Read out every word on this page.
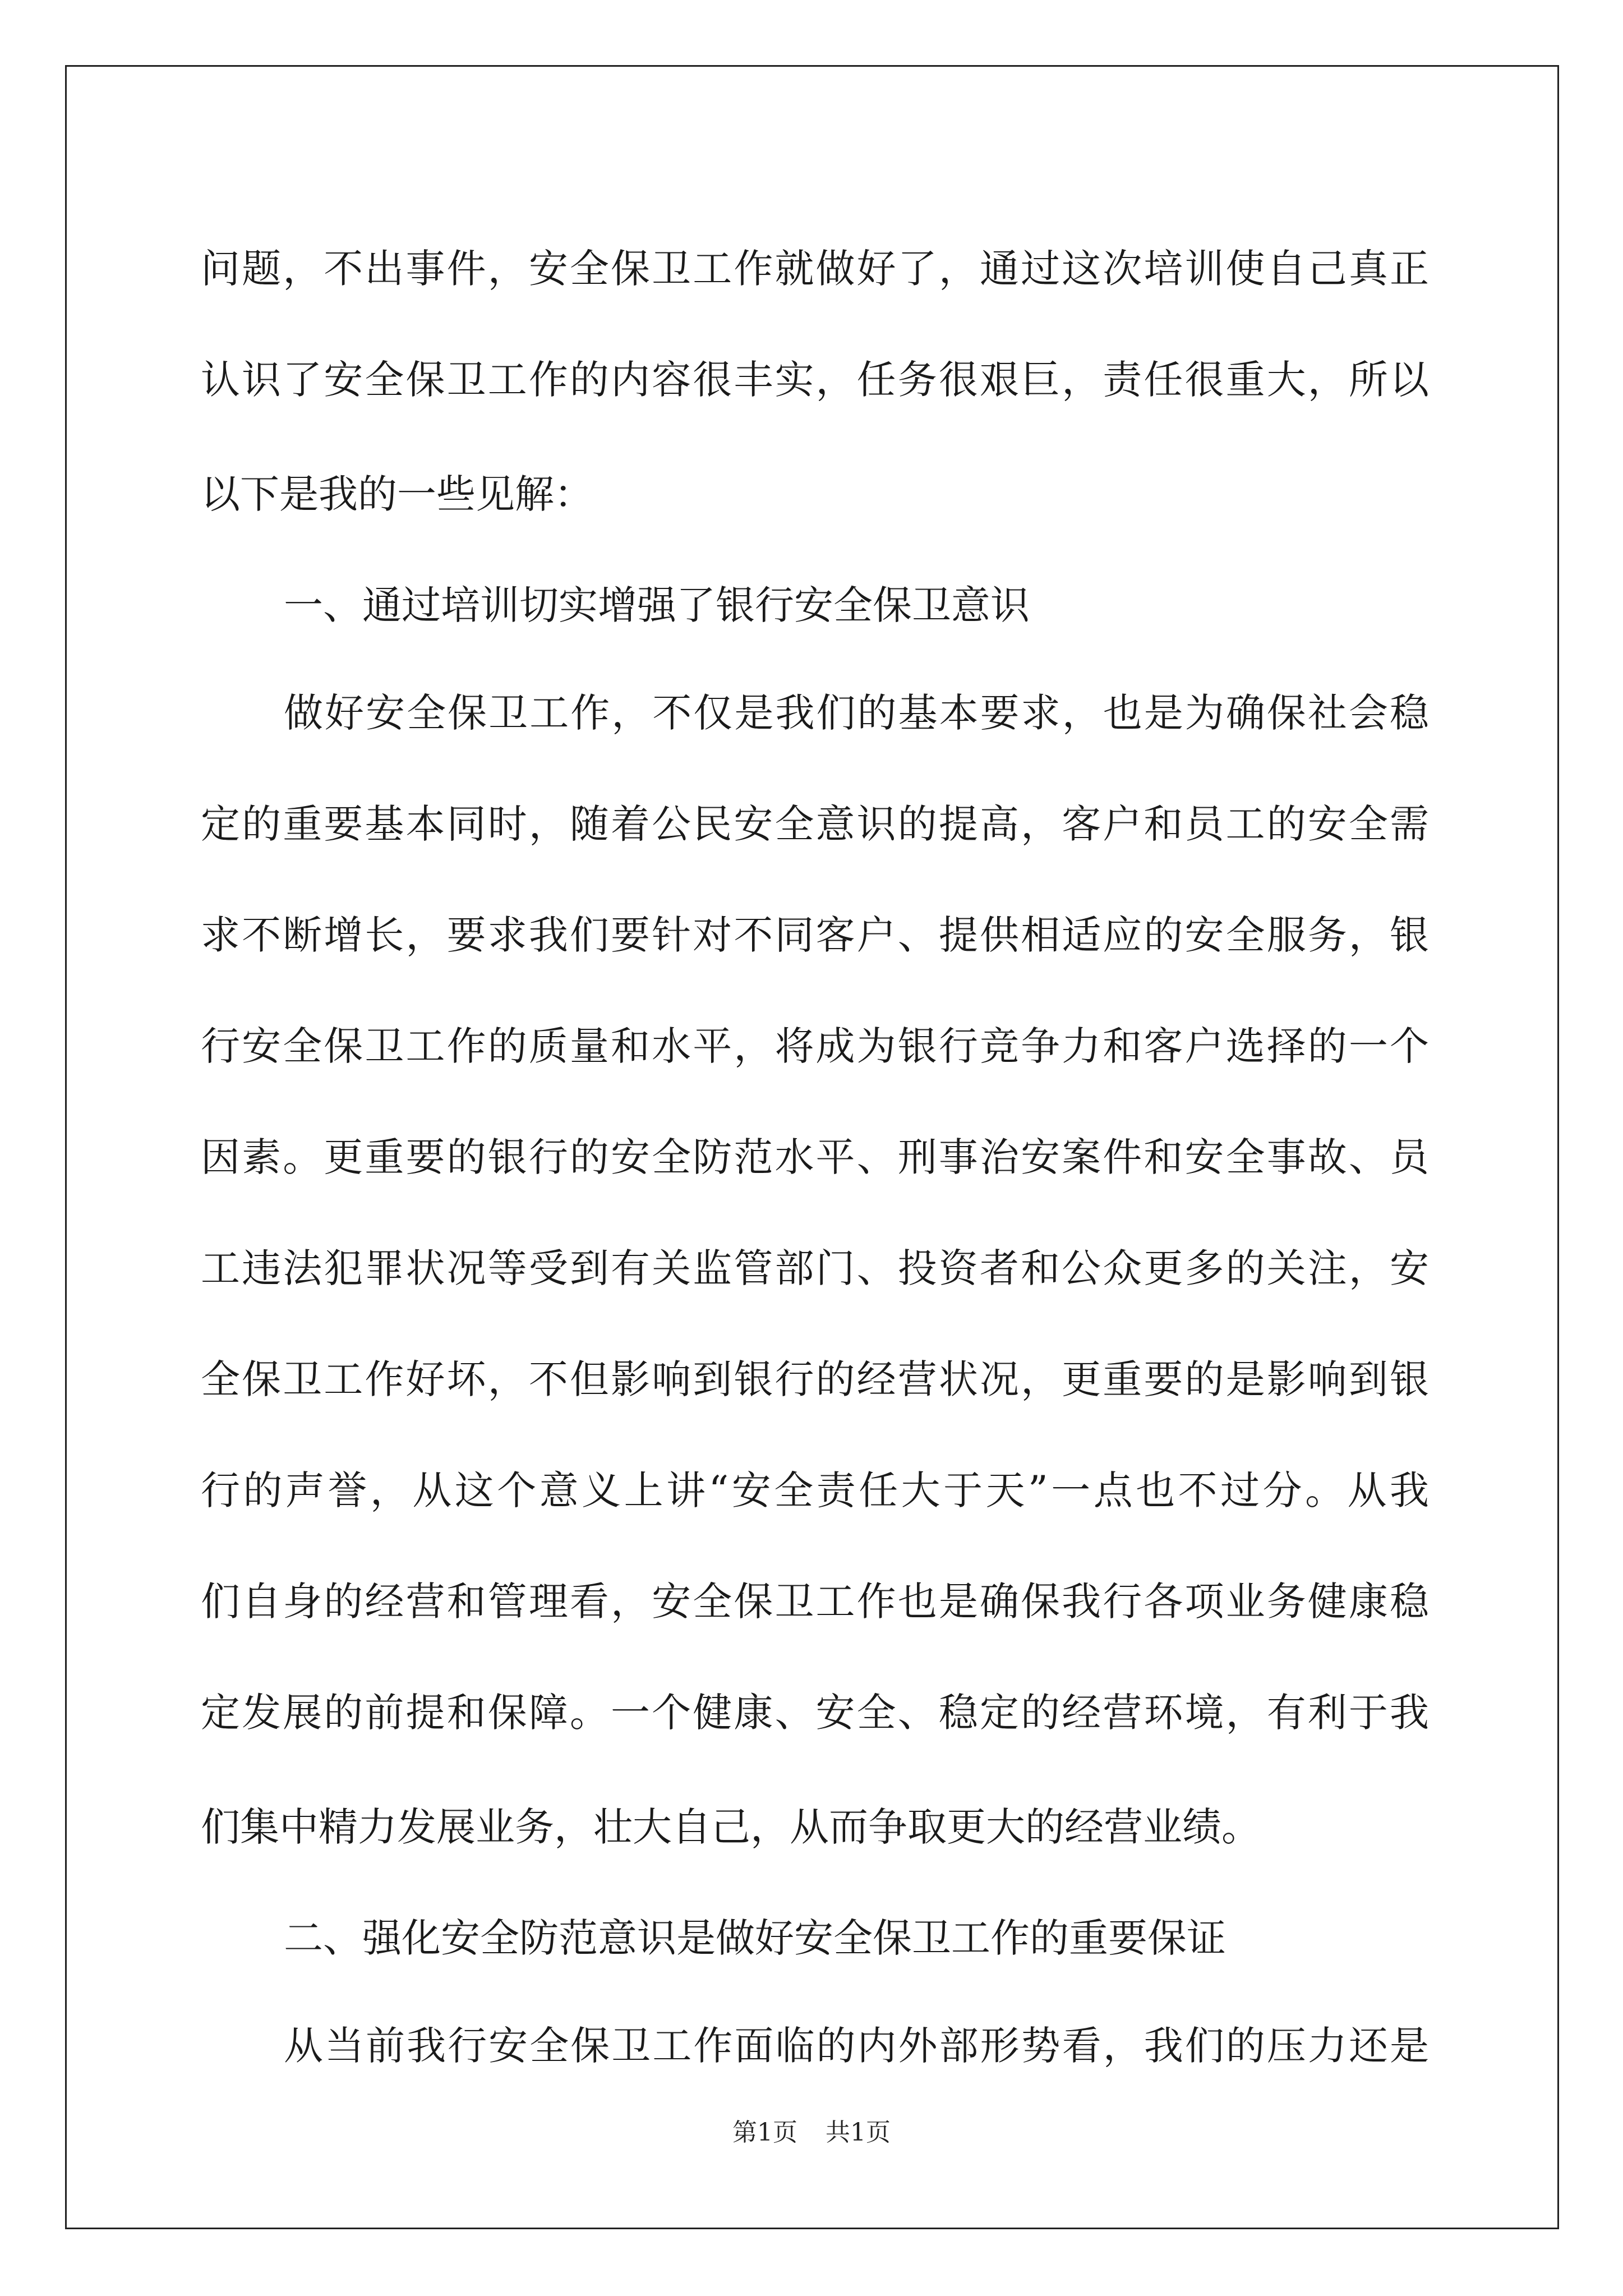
问题，不出事件，安全保卫工作就做好了，通过这次培训使自己真正
认识了安全保卫工作的内容很丰实，任务很艰巨，责任很重大，所以
以下是我的一些见解：
一、通过培训切实增强了银行安全保卫意识
做好安全保卫工作，不仅是我们的基本要求，也是为确保社会稳
定的重要基本同时，随着公民安全意识的提高，客户和员工的安全需
求不断增长，要求我们要针对不同客户、提供相适应的安全服务，银
行安全保卫工作的质量和水平，将成为银行竞争力和客户选择的一个
因素。更重要的银行的安全防范水平、刑事治安案件和安全事故、员
工违法犯罪状况等受到有关监管部门、投资者和公众更多的关注，安
全保卫工作好坏，不但影响到银行的经营状况，更重要的是影响到银
行的声誉，从这个意义上讲“安全责任大于天”一点也不过分。从我
们自身的经营和管理看，安全保卫工作也是确保我行各项业务健康稳
定发展的前提和保障。一个健康、安全、稳定的经营环境，有利于我
们集中精力发展业务，壮大自己，从而争取更大的经营业绩。
二、强化安全防范意识是做好安全保卫工作的重要保证
从当前我行安全保卫工作面临的内外部形势看，我们的压力还是
第1页 共1页
